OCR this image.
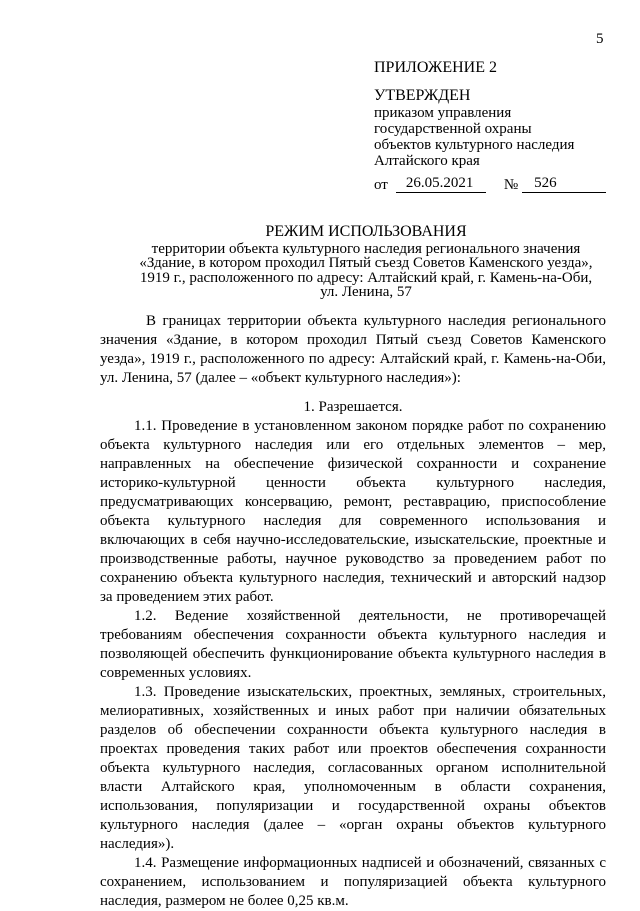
5
ПРИЛОЖЕНИЕ 2
УТВЕРЖДЕН
приказом управления
государственной охраны
объектов культурного наследия
Алтайского края
от	26.05.2021	№	526
РЕЖИМ ИСПОЛЬЗОВАНИЯ
территории объекта культурного наследия регионального значения
«Здание, в котором проходил Пятый съезд Советов Каменского уезда»,
1919 г., расположенного по адресу: Алтайский край, г. Камень-на-Оби,
ул. Ленина, 57

В границах территории объекта культурного наследия регионального значения «Здание, в котором проходил Пятый съезд Советов Каменского уезда», 1919 г., расположенного по адресу: Алтайский край, г. Камень-на-Оби, ул. Ленина, 57 (далее – «объект культурного наследия»):

1. Разрешается.

1.1. Проведение в установленном законом порядке работ по сохранению объекта культурного наследия или его отдельных элементов – мер, направленных на обеспечение физической сохранности и сохранение историко-культурной ценности объекта культурного наследия, предусматривающих консервацию, ремонт, реставрацию, приспособление объекта культурного наследия для современного использования и включающих в себя научно-исследовательские, изыскательские, проектные и производственные работы, научное руководство за проведением работ по сохранению объекта культурного наследия, технический и авторский надзор за проведением этих работ.

1.2. Ведение хозяйственной деятельности, не противоречащей требованиям обеспечения сохранности объекта культурного наследия и позволяющей обеспечить функционирование объекта культурного наследия в современных условиях.

1.3. Проведение изыскательских, проектных, земляных, строительных, мелиоративных, хозяйственных и иных работ при наличии обязательных разделов об обеспечении сохранности объекта культурного наследия в проектах проведения таких работ или проектов обеспечения сохранности объекта культурного наследия, согласованных органом исполнительной власти Алтайского края, уполномоченным в области сохранения, использования, популяризации и государственной охраны объектов культурного наследия (далее – «орган охраны объектов культурного наследия»).

1.4. Размещение информационных надписей и обозначений, связанных с сохранением, использованием и популяризацией объекта культурного наследия, размером не более 0,25 кв.м.
